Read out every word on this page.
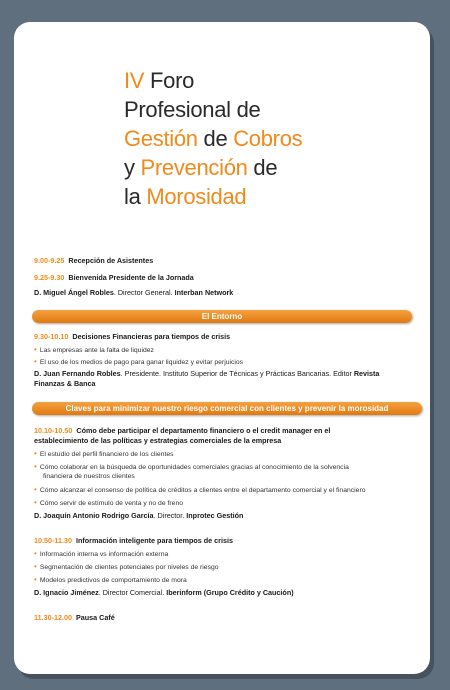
IV Foro
Profesional de
Gestión de Cobros
y Prevención de
la Morosidad
9.00-9.25 Recepción de Asistentes
9.25-9.30 Bienvenida Presidente de la Jornada
D. Miguel Ángel Robles. Director General. Interban Network
El Entorno
9.30-10.10 Decisiones Financieras para tiempos de crisis
• Las empresas ante la falta de liquidez
• El uso de los medios de pago para ganar liquidez y evitar perjuicios
D. Juan Fernando Robles. Presidente. Instituto Superior de Técnicas y Prácticas Bancarias. Editor Revista
Finanzas & Banca
Claves para minimizar nuestro riesgo comercial con clientes y prevenir la morosidad
10.10-10.50 Cómo debe participar el departamento financiero o el credit manager en el
establecimiento de las políticas y estrategias comerciales de la empresa
• El estudio del perfil financiero de los clientes
• Cómo colaborar en la búsqueda de oportunidades comerciales gracias al conocimiento de la solvencia
financiera de nuestros clientes
• Cómo alcanzar el consenso de política de créditos a clientes entre el departamento comercial y el financiero
• Cómo servir de estímulo de venta y no de freno
D. Joaquín Antonio Rodrigo García. Director. Inprotec Gestión
10.50-11.30 Información inteligente para tiempos de crisis
• Información interna vs información externa
• Segmentación de clientes potenciales por niveles de riesgo
• Modelos predictivos de comportamiento de mora
D. Ignacio Jiménez. Director Comercial. Iberinform (Grupo Crédito y Caución)
11.30-12.00 Pausa Café
